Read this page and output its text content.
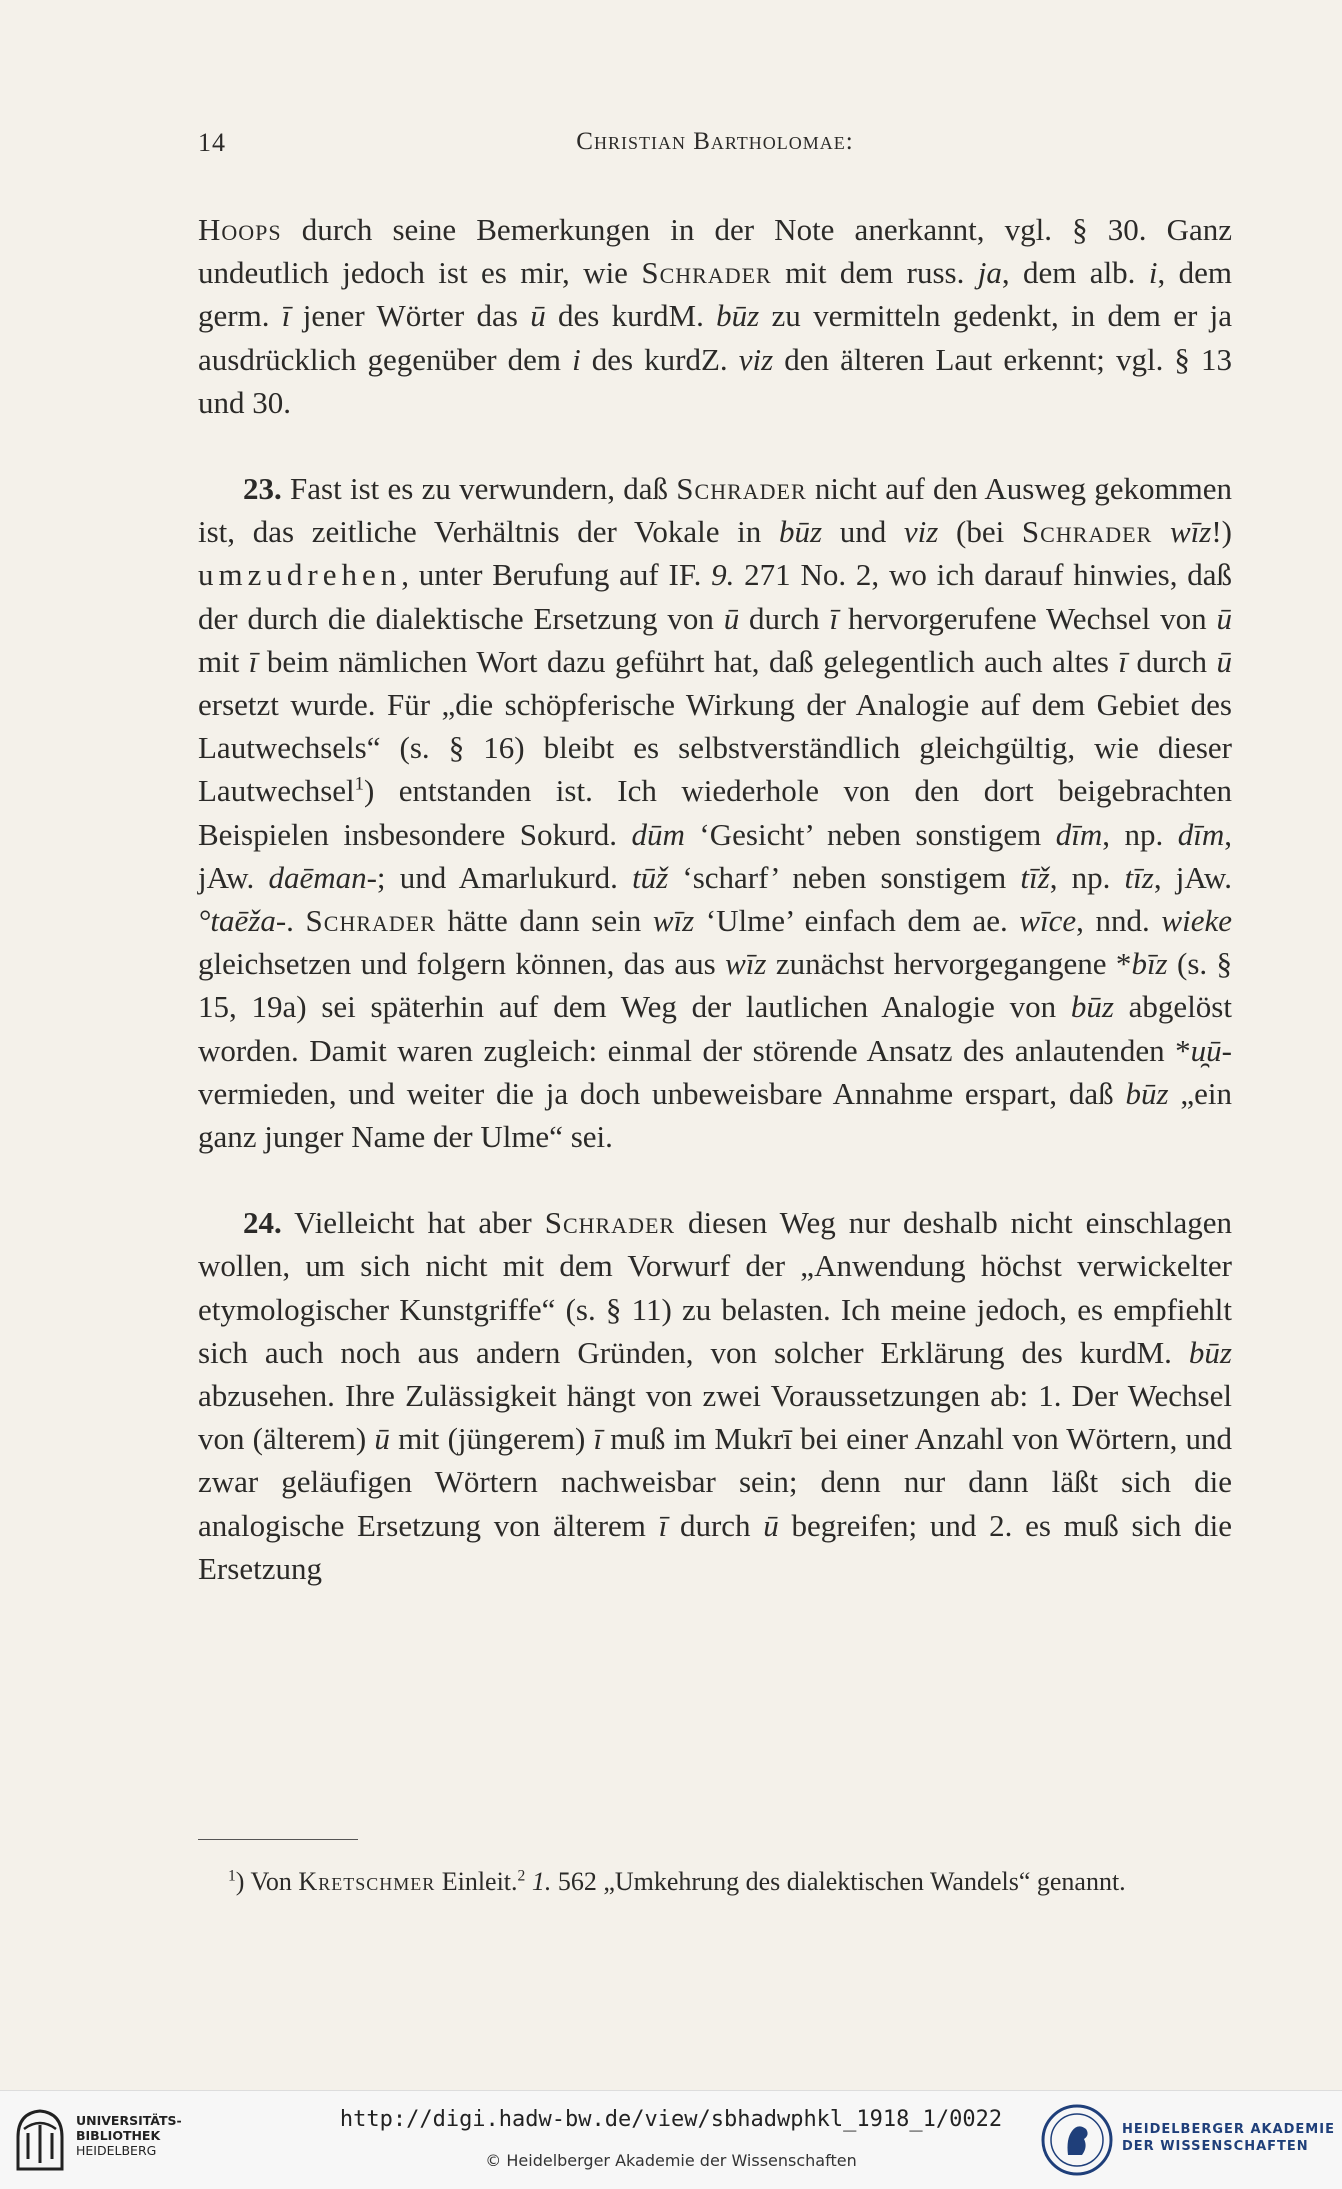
14	Christian Bartholomae:

Hoops durch seine Bemerkungen in der Note anerkannt, vgl. § 30. Ganz undeutlich jedoch ist es mir, wie Schrader mit dem russ. ja, dem alb. i, dem germ. ī jener Wörter das ū des kurdM. būz zu vermitteln gedenkt, in dem er ja ausdrücklich gegenüber dem i des kurdZ. viz den älteren Laut erkennt; vgl. § 13 und 30.

23. Fast ist es zu verwundern, daß Schrader nicht auf den Ausweg gekommen ist, das zeitliche Verhältnis der Vokale in būz und viz (bei Schrader wīz!) umzudrehen, unter Berufung auf IF. 9. 271 No. 2, wo ich darauf hinwies, daß der durch die dialektische Ersetzung von ū durch ī hervorgerufene Wechsel von ū mit ī beim nämlichen Wort dazu geführt hat, daß gelegentlich auch altes ī durch ū ersetzt wurde. Für „die schöpferische Wirkung der Analogie auf dem Gebiet des Lautwechsels“ (s. § 16) bleibt es selbstverständlich gleichgültig, wie dieser Lautwechsel$^1$) entstanden ist. Ich wiederhole von den dort beigebrachten Beispielen insbesondere Sokurd. dūm ‘Gesicht’ neben sonstigem dīm, np. dīm, jAw. daēman-; und Amarlukurd. tūž ‘scharf’ neben sonstigem tīž, np. tīz, jAw. °taēža-. Schrader hätte dann sein wīz ‘Ulme’ einfach dem ae. wīce, nnd. wieke gleichsetzen und folgern können, das aus wīz zunächst hervorgegangene *bīz (s. § 15, 19a) sei späterhin auf dem Weg der lautlichen Analogie von būz abgelöst worden. Damit waren zugleich: einmal der störende Ansatz des anlautenden *u̯ū- vermieden, und weiter die ja doch unbeweisbare Annahme erspart, daß būz „ein ganz junger Name der Ulme“ sei.

24. Vielleicht hat aber Schrader diesen Weg nur deshalb nicht einschlagen wollen, um sich nicht mit dem Vorwurf der „Anwendung höchst verwickelter etymologischer Kunstgriffe“ (s. § 11) zu belasten. Ich meine jedoch, es empfiehlt sich auch noch aus andern Gründen, von solcher Erklärung des kurdM. būz abzusehen. Ihre Zulässigkeit hängt von zwei Voraussetzungen ab: 1. Der Wechsel von (älterem) ū mit (jüngerem) ī muß im Mukrī bei einer Anzahl von Wörtern, und zwar geläufigen Wörtern nachweisbar sein; denn nur dann läßt sich die analogische Ersetzung von älterem ī durch ū begreifen; und 2. es muß sich die Ersetzung

$^1$) Von Kretschmer Einleit.$^2$ 1. 562 „Umkehrung des dialektischen Wandels“ genannt.

UNIVERSITÄTS-
BIBLIOTHEK
HEIDELBERG
http://digi.hadw-bw.de/view/sbhadwphkl_1918_1/0022
© Heidelberger Akademie der Wissenschaften
HEIDELBERGER AKADEMIE
DER WISSENSCHAFTEN
